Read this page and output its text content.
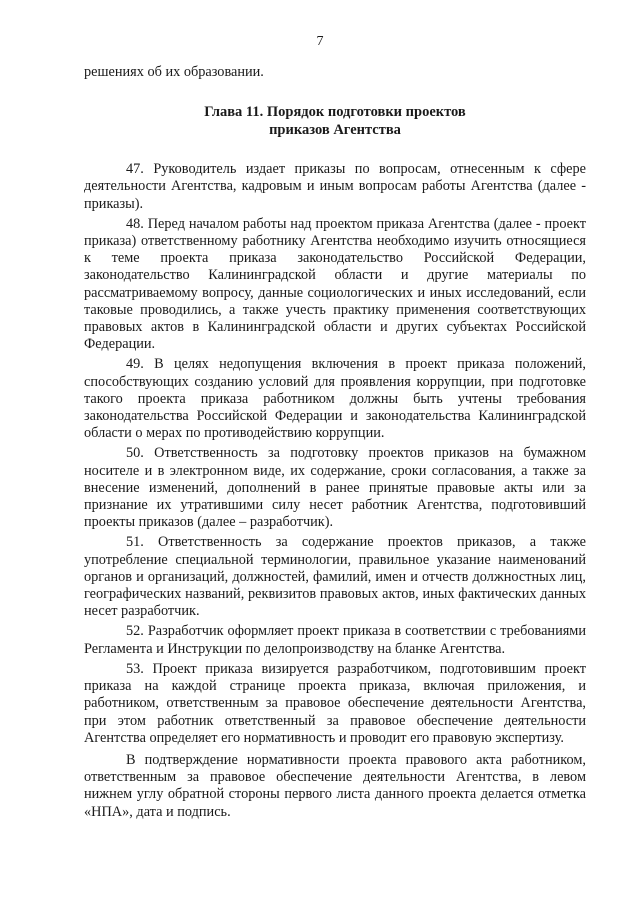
7

решениях об их образовании.

Глава 11. Порядок подготовки проектов
приказов Агентства

47. Руководитель издает приказы по вопросам, отнесенным к сфере деятельности Агентства, кадровым и иным вопросам работы Агентства (далее - приказы).

48. Перед началом работы над проектом приказа Агентства (далее - проект приказа) ответственному работнику Агентства необходимо изучить относящиеся к теме проекта приказа законодательство Российской Федерации, законодательство Калининградской области и другие материалы по рассматриваемому вопросу, данные социологических и иных исследований, если таковые проводились, а также учесть практику применения соответствующих правовых актов в Калининградской области и других субъектах Российской Федерации.

49. В целях недопущения включения в проект приказа положений, способствующих созданию условий для проявления коррупции, при подготовке такого проекта приказа работником должны быть учтены требования законодательства Российской Федерации и законодательства Калининградской области о мерах по противодействию коррупции.

50. Ответственность за подготовку проектов приказов на бумажном носителе и в электронном виде, их содержание, сроки согласования, а также за внесение изменений, дополнений в ранее принятые правовые акты или за признание их утратившими силу несет работник Агентства, подготовивший проекты приказов (далее – разработчик).

51. Ответственность за содержание проектов приказов, а также употребление специальной терминологии, правильное указание наименований органов и организаций, должностей, фамилий, имен и отчеств должностных лиц, географических названий, реквизитов правовых актов, иных фактических данных несет разработчик.

52. Разработчик оформляет проект приказа в соответствии с требованиями Регламента и Инструкции по делопроизводству на бланке Агентства.

53. Проект приказа визируется разработчиком, подготовившим проект приказа на каждой странице проекта приказа, включая приложения, и работником, ответственным за правовое обеспечение деятельности Агентства, при этом работник ответственный за правовое обеспечение деятельности Агентства определяет его нормативность и проводит его правовую экспертизу.

В подтверждение нормативности проекта правового акта работником, ответственным за правовое обеспечение деятельности Агентства, в левом нижнем углу обратной стороны первого листа данного проекта делается отметка «НПА», дата и подпись.
